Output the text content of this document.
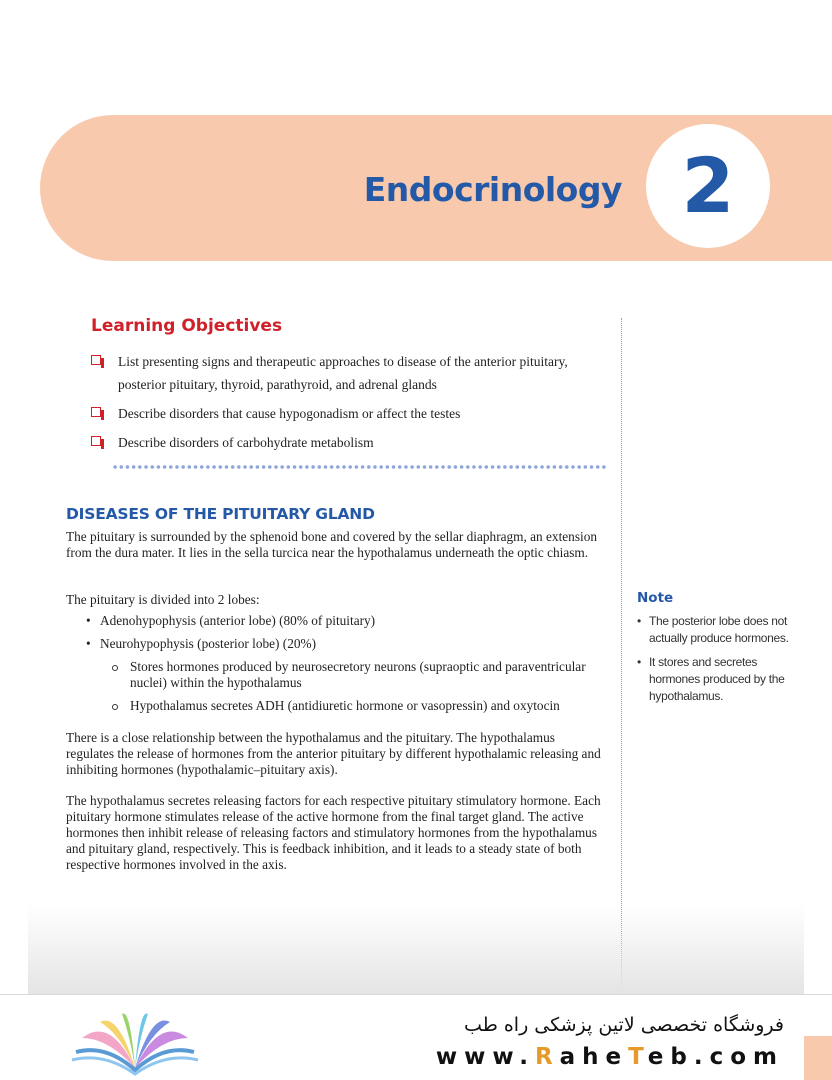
Endocrinology 2
Learning Objectives
List presenting signs and therapeutic approaches to disease of the anterior pituitary, posterior pituitary, thyroid, parathyroid, and adrenal glands
Describe disorders that cause hypogonadism or affect the testes
Describe disorders of carbohydrate metabolism
DISEASES OF THE PITUITARY GLAND
The pituitary is surrounded by the sphenoid bone and covered by the sellar diaphragm, an extension from the dura mater. It lies in the sella turcica near the hypothalamus underneath the optic chiasm.
The pituitary is divided into 2 lobes:
• Adenohypophysis (anterior lobe) (80% of pituitary)
• Neurohypophysis (posterior lobe) (20%)
Stores hormones produced by neurosecretory neurons (supraoptic and paraventricular nuclei) within the hypothalamus
Hypothalamus secretes ADH (antidiuretic hormone or vasopressin) and oxytocin
There is a close relationship between the hypothalamus and the pituitary. The hypothalamus regulates the release of hormones from the anterior pituitary by different hypothalamic releasing and inhibiting hormones (hypothalamic–pituitary axis).
The hypothalamus secretes releasing factors for each respective pituitary stimulatory hormone. Each pituitary hormone stimulates release of the active hormone from the final target gland. The active hormones then inhibit release of releasing factors and stimulatory hormones from the hypothalamus and pituitary gland, respectively. This is feedback inhibition, and it leads to a steady state of both respective hormones involved in the axis.
Note
• The posterior lobe does not actually produce hormones.
• It stores and secretes hormones produced by the hypothalamus.
فروشگاه تخصصی لاتین پزشکی راه طب
www.RaheTeb.com
